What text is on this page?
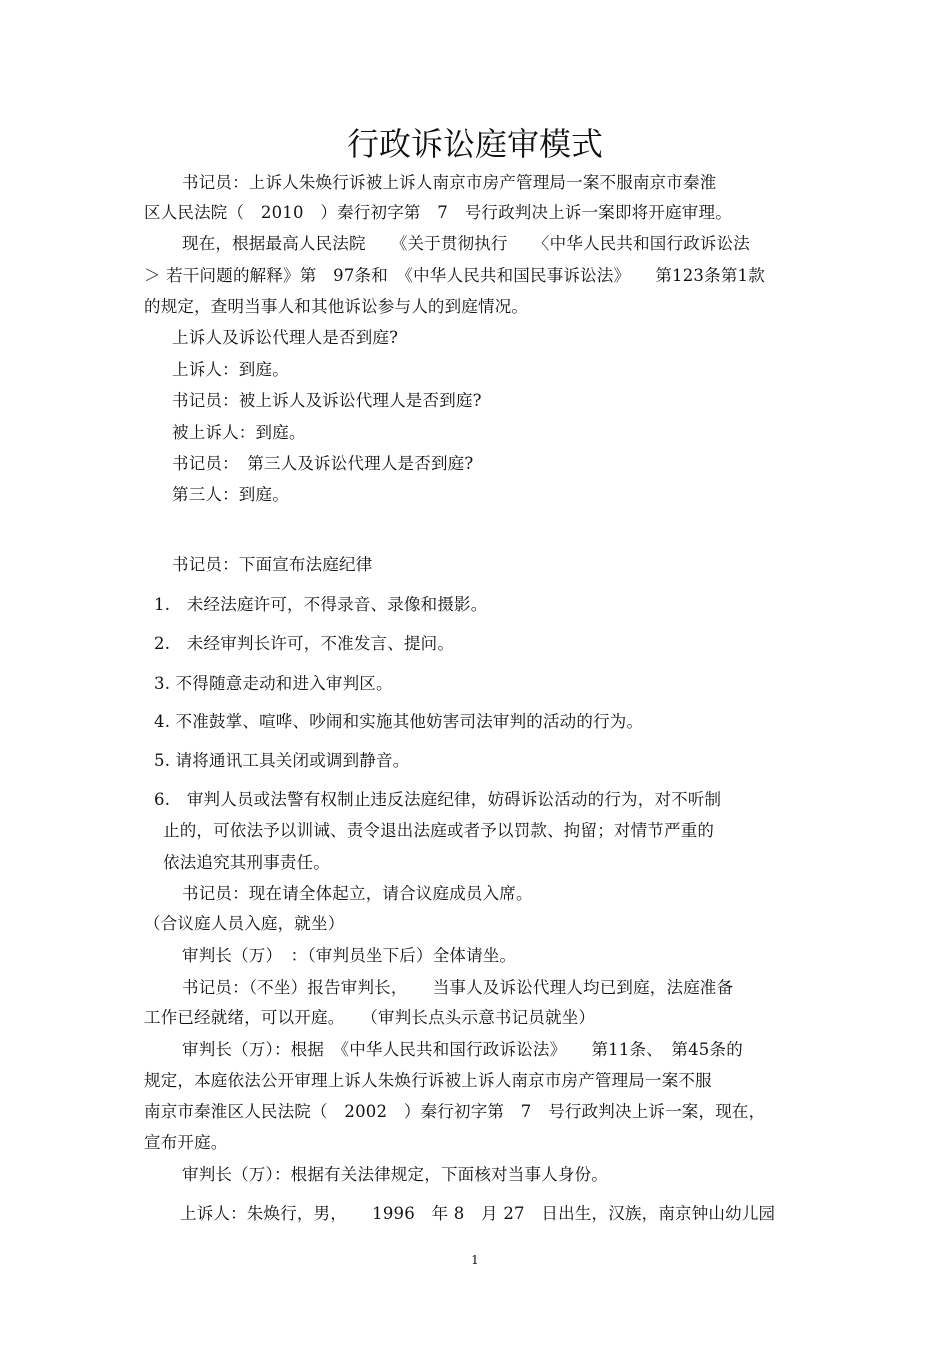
行政诉讼庭审模式
书记员：上诉人朱焕行诉被上诉人南京市房产管理局一案不服南京市秦淮
区人民法院（　2010　）秦行初字第　7　号行政判决上诉一案即将开庭审理。
现在，根据最高人民法院　　《关于贯彻执行　　〈中华人民共和国行政诉讼法
＞ 若干问题的解释》第　97条和　《中华人民共和国民事诉讼法》　　第123条第1款
的规定，查明当事人和其他诉讼参与人的到庭情况。
上诉人及诉讼代理人是否到庭?
上诉人：到庭。
书记员：被上诉人及诉讼代理人是否到庭?
被上诉人：到庭。
书记员：　第三人及诉讼代理人是否到庭?
第三人：到庭。
书记员：下面宣布法庭纪律
1.　未经法庭许可，不得录音、录像和摄影。
2.　未经审判长许可，不准发言、提问。
3. 不得随意走动和进入审判区。
4. 不准鼓掌、喧哗、吵闹和实施其他妨害司法审判的活动的行为。
5. 请将通讯工具关闭或调到静音。
6.　审判人员或法警有权制止违反法庭纪律，妨碍诉讼活动的行为，对不听制
止的，可依法予以训诫、责令退出法庭或者予以罚款、拘留；对情节严重的
依法追究其刑事责任。
书记员：现在请全体起立，请合议庭成员入席。
（合议庭人员入庭，就坐）
审判长（万）　：（审判员坐下后）全体请坐。
书记员：（不坐）报告审判长，　　当事人及诉讼代理人均已到庭，法庭准备
工作已经就绪，可以开庭。　　（审判长点头示意书记员就坐）
审判长（万）：根据　《中华人民共和国行政诉讼法》　　第11条、　第45条的
规定，本庭依法公开审理上诉人朱焕行诉被上诉人南京市房产管理局一案不服
南京市秦淮区人民法院（　2002　）秦行初字第　7　号行政判决上诉一案，现在，
宣布开庭。
审判长（万）：根据有关法律规定，下面核对当事人身份。
上诉人：朱焕行，男，　　1996　年 8　月 27　日出生，汉族，南京钟山幼儿园
1
